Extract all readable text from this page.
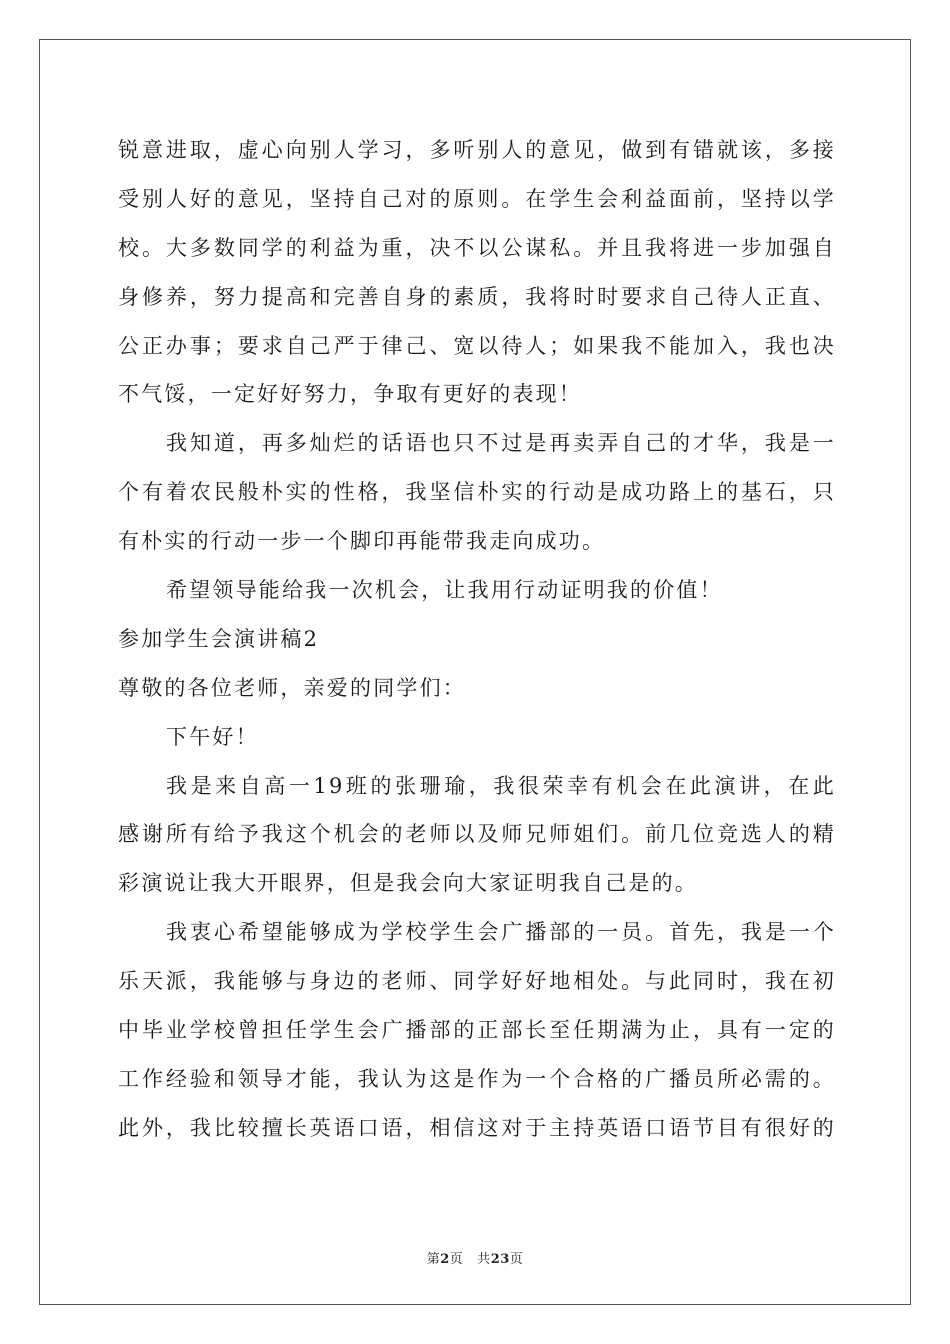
锐意进取，虚心向别人学习，多听别人的意见，做到有错就该，多接
受别人好的意见，坚持自己对的原则。在学生会利益面前，坚持以学
校。大多数同学的利益为重，决不以公谋私。并且我将进一步加强自
身修养，努力提高和完善自身的素质，我将时时要求自己待人正直、
公正办事；要求自己严于律己、宽以待人；如果我不能加入，我也决
不气馁，一定好好努力，争取有更好的表现！
我知道，再多灿烂的话语也只不过是再卖弄自己的才华，我是一
个有着农民般朴实的性格，我坚信朴实的行动是成功路上的基石，只
有朴实的行动一步一个脚印再能带我走向成功。
希望领导能给我一次机会，让我用行动证明我的价值！
参加学生会演讲稿2
尊敬的各位老师，亲爱的同学们：
下午好！
我是来自高一19班的张珊瑜，我很荣幸有机会在此演讲，在此
感谢所有给予我这个机会的老师以及师兄师姐们。前几位竞选人的精
彩演说让我大开眼界，但是我会向大家证明我自己是的。
我衷心希望能够成为学校学生会广播部的一员。首先，我是一个
乐天派，我能够与身边的老师、同学好好地相处。与此同时，我在初
中毕业学校曾担任学生会广播部的正部长至任期满为止，具有一定的
工作经验和领导才能，我认为这是作为一个合格的广播员所必需的。
此外，我比较擅长英语口语，相信这对于主持英语口语节目有很好的
第2页 共23页
